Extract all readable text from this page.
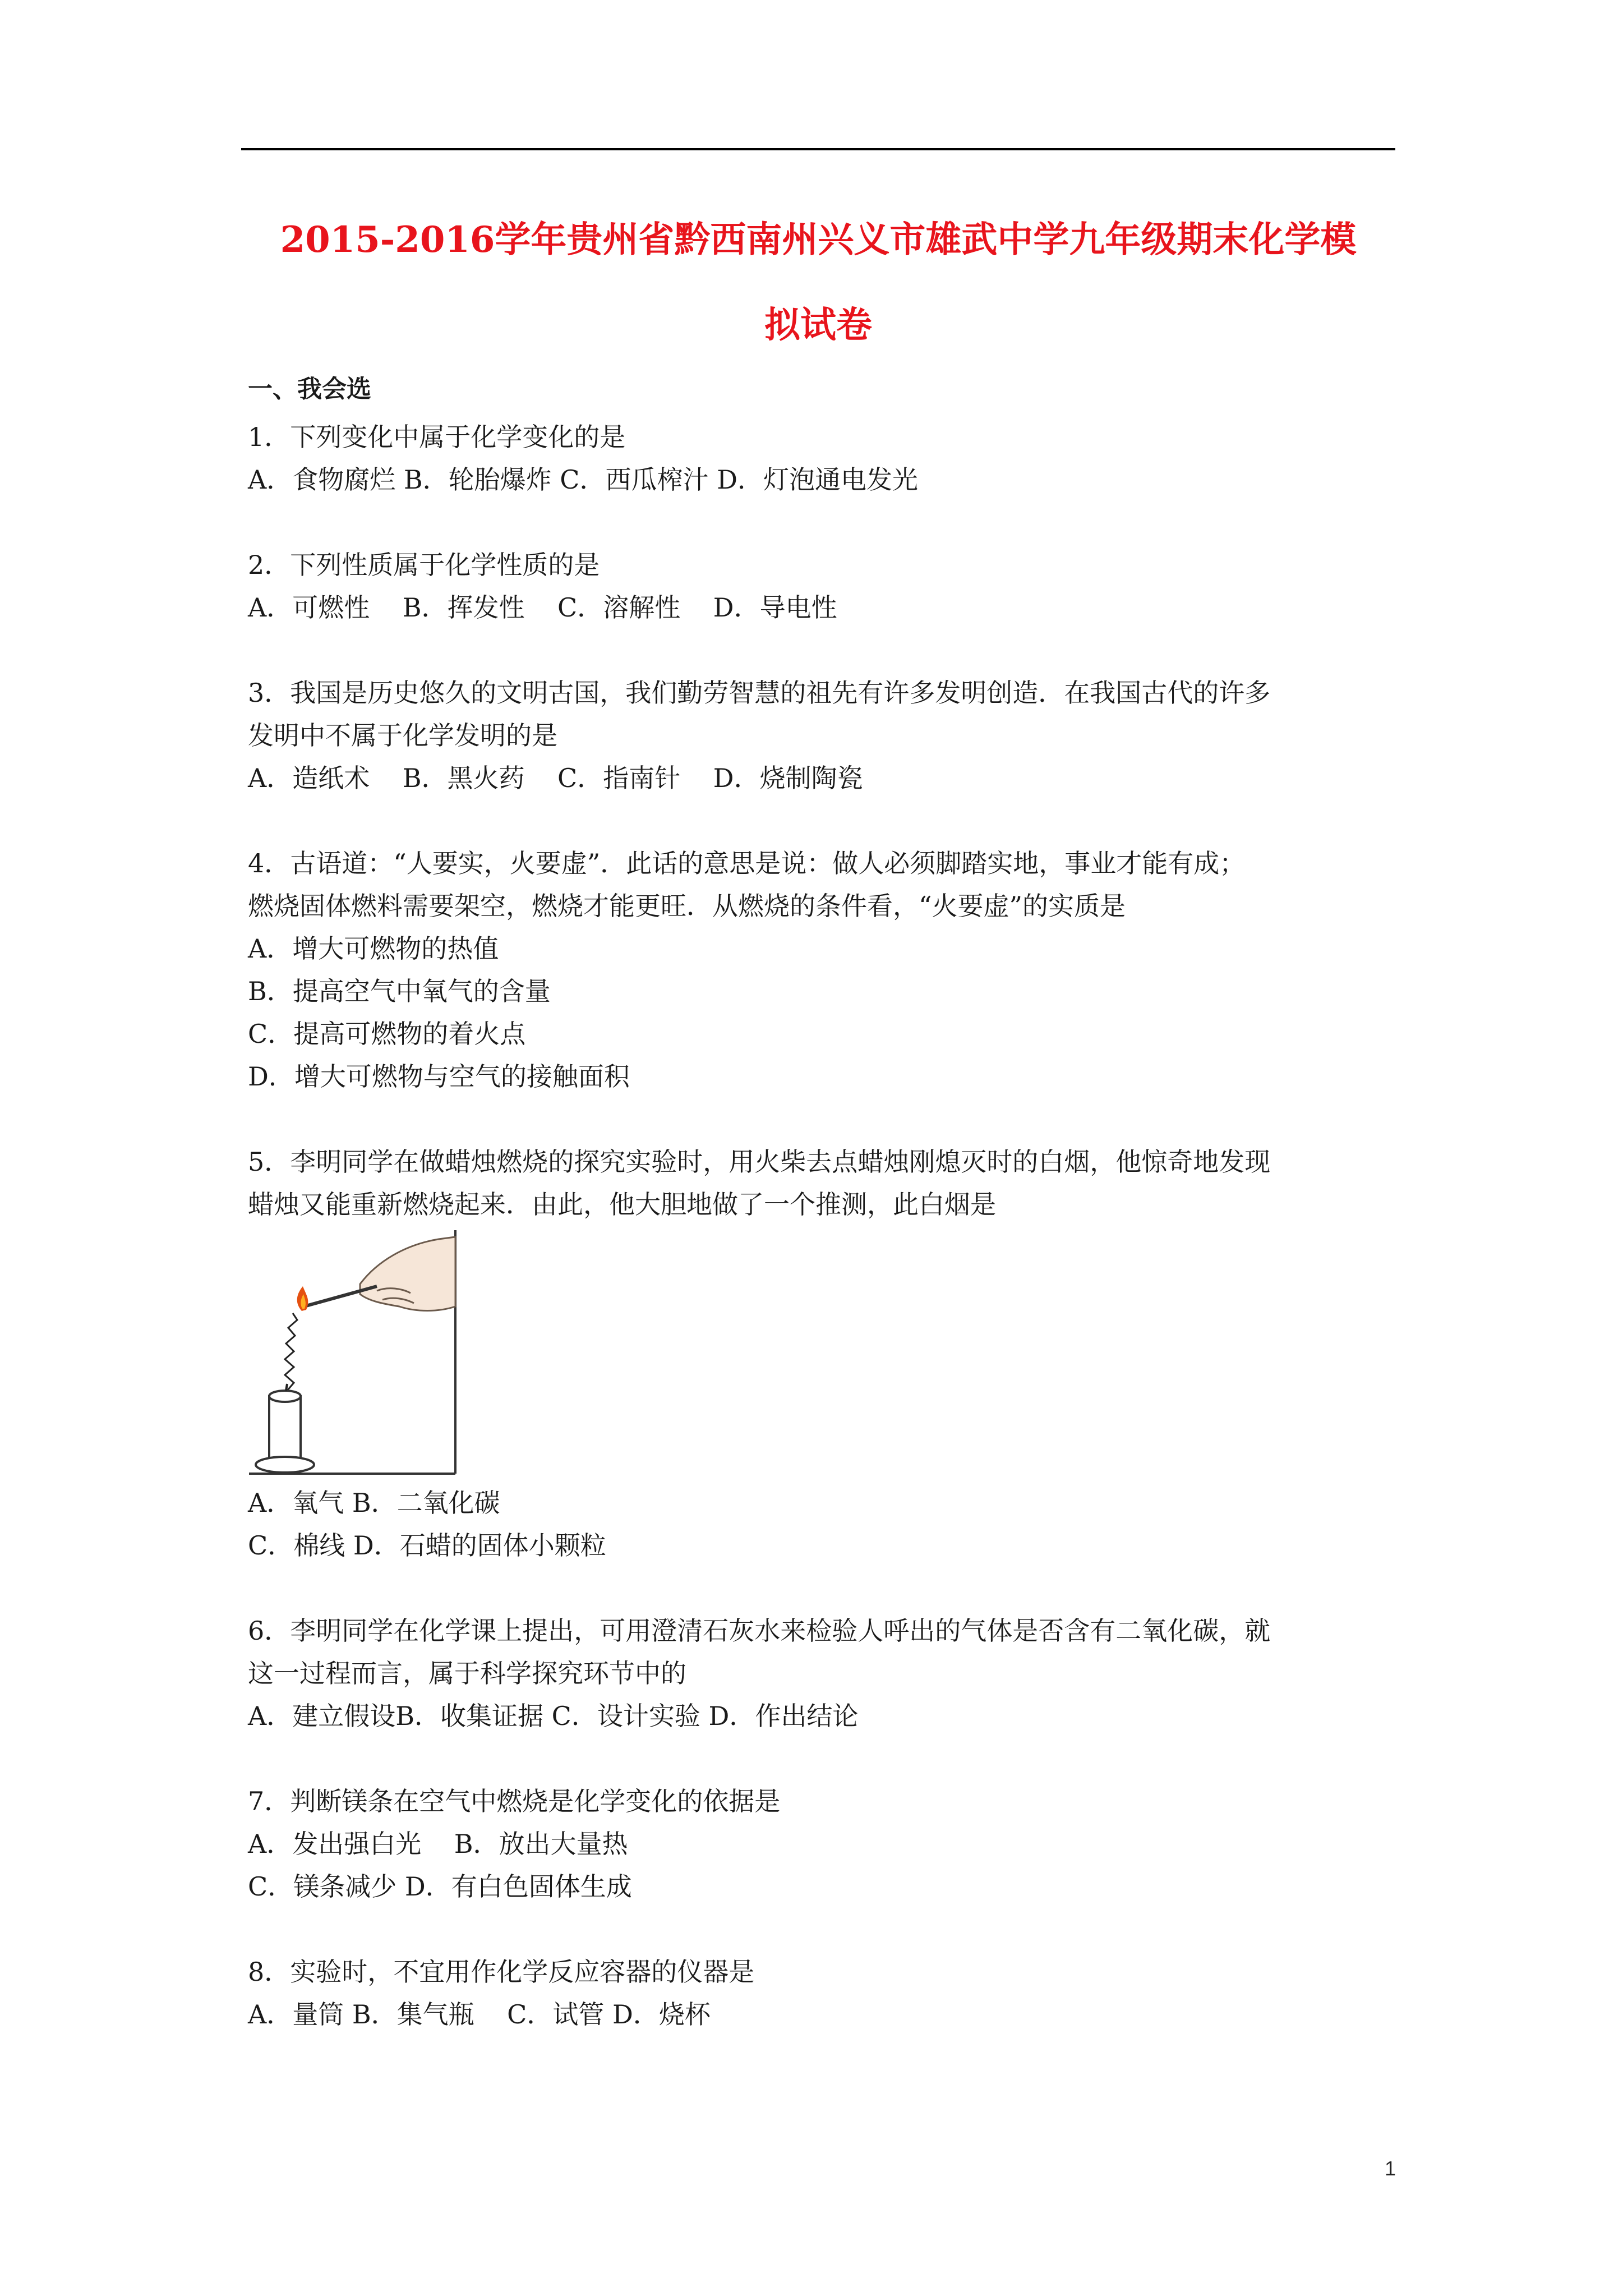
2015-2016学年贵州省黔西南州兴义市雄武中学九年级期末化学模
拟试卷
一、我会选
1．下列变化中属于化学变化的是
A．食物腐烂 B．轮胎爆炸 C．西瓜榨汁 D．灯泡通电发光
2．下列性质属于化学性质的是
A．可燃性    B．挥发性    C．溶解性    D．导电性
3．我国是历史悠久的文明古国，我们勤劳智慧的祖先有许多发明创造．在我国古代的许多
发明中不属于化学发明的是
A．造纸术    B．黑火药    C．指南针    D．烧制陶瓷
4．古语道：“人要实，火要虚”．此话的意思是说：做人必须脚踏实地，事业才能有成；
燃烧固体燃料需要架空，燃烧才能更旺．从燃烧的条件看，“火要虚”的实质是
A．增大可燃物的热值
B．提高空气中氧气的含量
C．提高可燃物的着火点
D．增大可燃物与空气的接触面积
5．李明同学在做蜡烛燃烧的探究实验时，用火柴去点蜡烛刚熄灭时的白烟，他惊奇地发现
蜡烛又能重新燃烧起来．由此，他大胆地做了一个推测，此白烟是
A．氧气 B．二氧化碳
C．棉线 D．石蜡的固体小颗粒
6．李明同学在化学课上提出，可用澄清石灰水来检验人呼出的气体是否含有二氧化碳，就
这一过程而言，属于科学探究环节中的
A．建立假设B．收集证据 C．设计实验 D．作出结论
7．判断镁条在空气中燃烧是化学变化的依据是
A．发出强白光    B．放出大量热
C．镁条减少 D．有白色固体生成
8．实验时，不宜用作化学反应容器的仪器是
A．量筒 B．集气瓶    C．试管 D．烧杯
1
